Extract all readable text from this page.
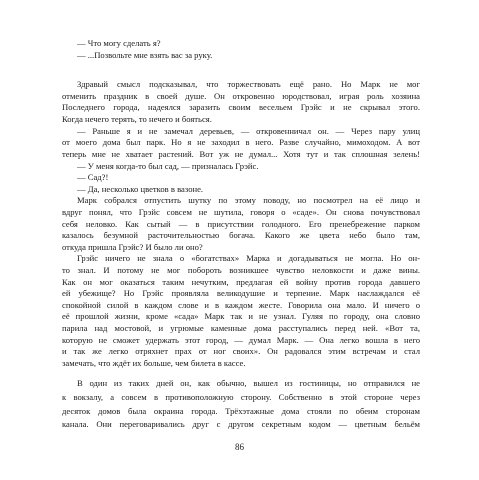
— Что могу сделать я?
— ...Позвольте мне взять вас за руку.
Здравый смысл подсказывал, что торжествовать ещё рано. Но Марк не мог
отменить праздник в своей душе. Он откровенно юродствовал, играя роль хозяина
Последнего города, надеялся заразить своим весельем Грэйс и не скрывал этого.
Когда нечего терять, то нечего и бояться.
— Раньше я и не замечал деревьев, — откровенничал он. — Через пару улиц
от моего дома был парк. Но я не заходил в него. Разве случайно, мимоходом. А вот
теперь мне не хватает растений. Вот уж не думал... Хотя тут и так сплошная зелень!
— У меня когда-то был сад, — призналась Грэйс.
— Сад?!
— Да, несколько цветков в вазоне.
Марк собрался отпустить шутку по этому поводу, но посмотрел на её лицо и
вдруг понял, что Грэйс совсем не шутила, говоря о «саде». Он снова почувствовал
себя неловко. Как сытый — в присутствии голодного. Его пренебрежение парком
казалось безумной расточительностью богача. Какого же цвета небо было там,
откуда пришла Грэйс? И было ли оно?
Грэйс ничего не знала о «богатствах» Марка и догадываться не могла. Но он-
то знал. И потому не мог побороть возникшее чувство неловкости и даже вины.
Как он мог оказаться таким нечутким, предлагая ей войну против города давшего
ей убежище? Но Грэйс проявляла великодушие и терпение. Марк наслаждался её
спокойной силой в каждом слове и в каждом жесте. Говорила она мало. И ничего о
её прошлой жизни, кроме «сада» Марк так и не узнал. Гуляя по городу, она словно
парила над мостовой, и угрюмые каменные дома расступались перед ней. «Вот та,
которую не сможет удержать этот город, — думал Марк. — Она легко вошла в него
и так же легко отряхнет прах от ног своих». Он радовался этим встречам и стал
замечать, что ждёт их больше, чем билета в кассе.
86
В один из таких дней он, как обычно, вышел из гостиницы, но отправился не
к вокзалу, а совсем в противоположную сторону. Собственно в этой стороне через
десяток домов была окраина города. Трёхэтажные дома стояли по обеим сторонам
канала. Они переговаривались друг с другом секретным кодом — цветным бельём
